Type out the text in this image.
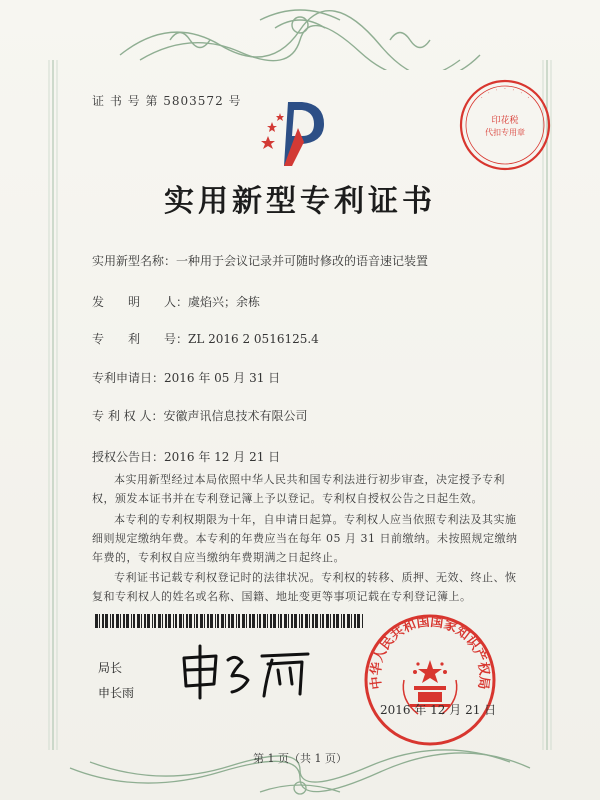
证 书 号 第 5803572 号
印花税
代扣专用章
·　·　·　·　·　·　·
实用新型专利证书
实用新型名称：一种用于会议记录并可随时修改的语音速记装置
发　　明　　人：虞焰兴；余栋
专　　利　　号：ZL 2016 2 0516125.4
专利申请日：2016 年 05 月 31 日
专 利 权 人：安徽声讯信息技术有限公司
授权公告日：2016 年 12 月 21 日
本实用新型经过本局依照中华人民共和国专利法进行初步审查，决定授予专利权，颁发本证书并在专利登记簿上予以登记。专利权自授权公告之日起生效。
本专利的专利权期限为十年，自申请日起算。专利权人应当依照专利法及其实施细则规定缴纳年费。本专利的年费应当在每年 05 月 31 日前缴纳。未按照规定缴纳年费的，专利权自应当缴纳年费期满之日起终止。
专利证书记载专利权登记时的法律状况。专利权的转移、质押、无效、终止、恢复和专利权人的姓名或名称、国籍、地址变更等事项记载在专利登记簿上。
局长
申长雨
中华人民共和国国家知识产权局
2016 年 12 月 21 日
第 1 页（共 1 页）
